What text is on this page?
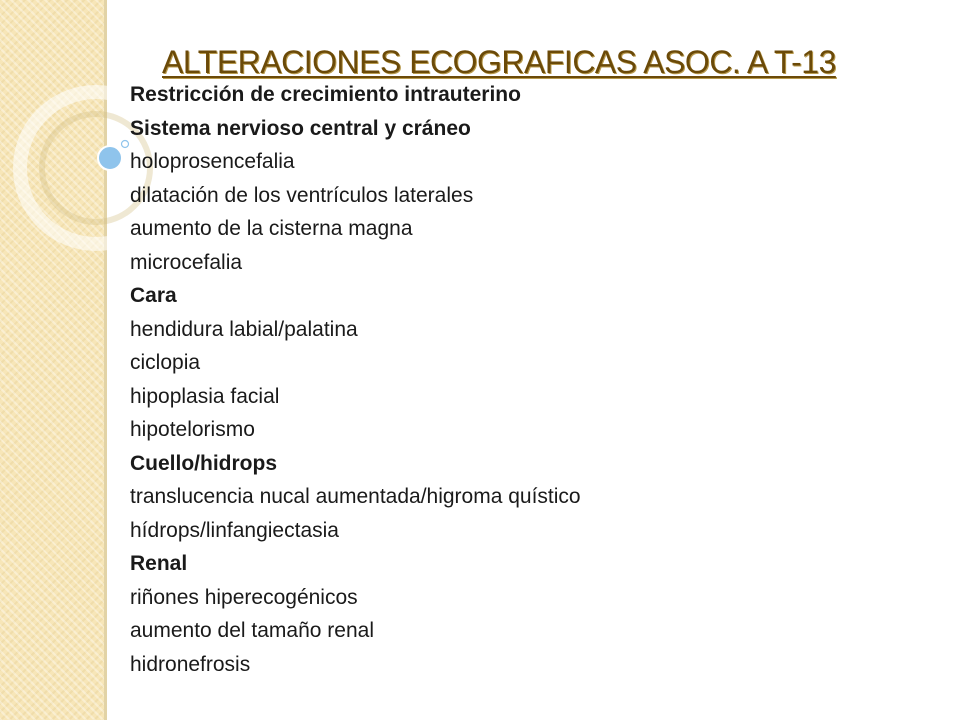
ALTERACIONES ECOGRAFICAS ASOC. A T-13
Restricción de crecimiento intrauterino
Sistema nervioso central y cráneo
holoprosencefalia
dilatación de los ventrículos laterales
aumento de la cisterna magna
microcefalia
Cara
hendidura labial/palatina
ciclopia
hipoplasia facial
hipotelorismo
Cuello/hidrops
translucencia nucal aumentada/higroma quístico
hídrops/linfangiectasia
Renal
riñones hiperecogénicos
aumento del tamaño renal
hidronefrosis
